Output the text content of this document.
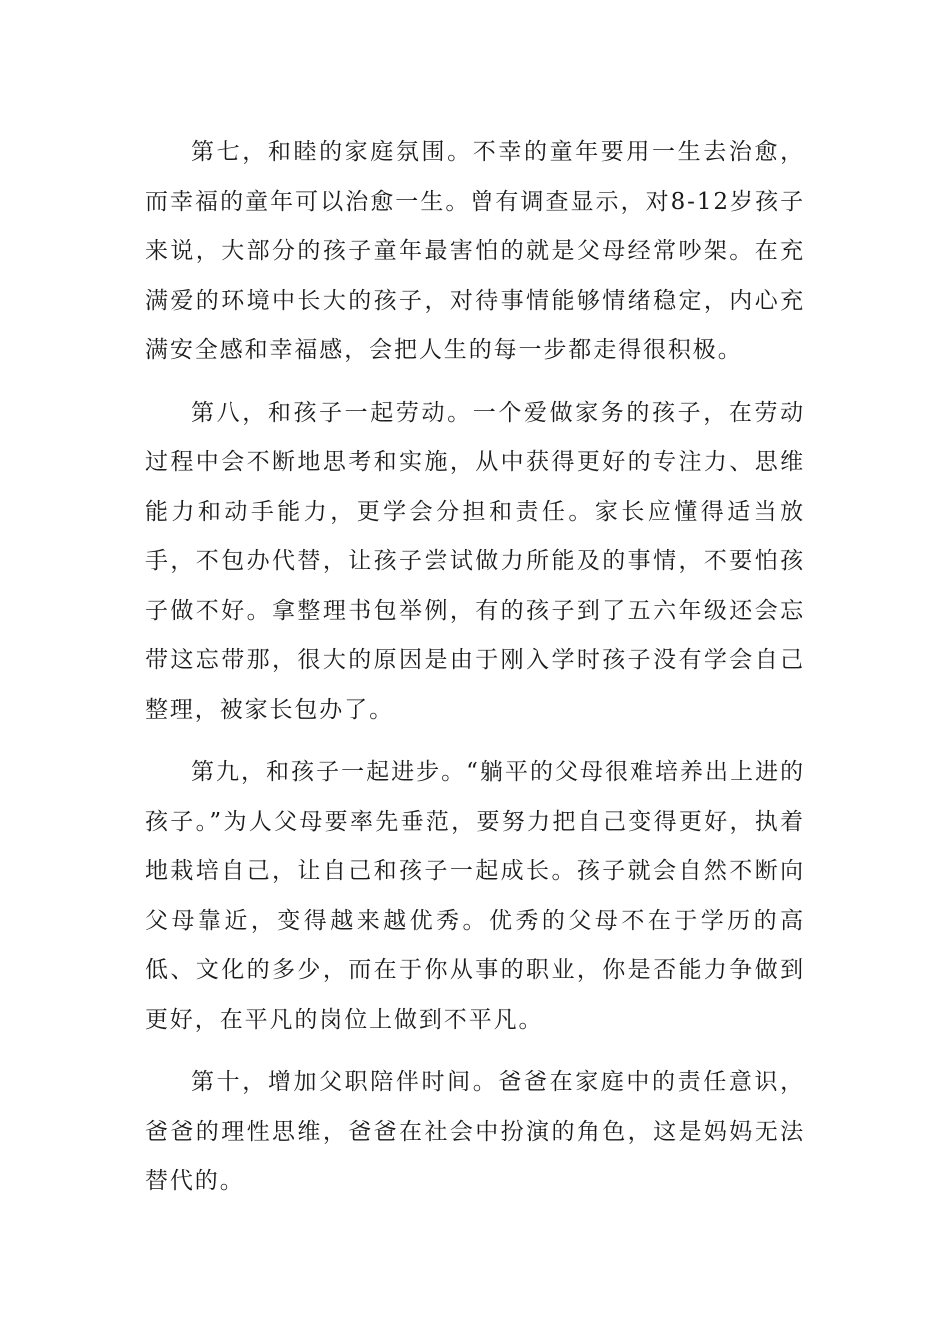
第七，和睦的家庭氛围。不幸的童年要用一生去治愈，而幸福的童年可以治愈一生。曾有调查显示，对8-12岁孩子来说，大部分的孩子童年最害怕的就是父母经常吵架。在充满爱的环境中长大的孩子，对待事情能够情绪稳定，内心充满安全感和幸福感，会把人生的每一步都走得很积极。

第八，和孩子一起劳动。一个爱做家务的孩子，在劳动过程中会不断地思考和实施，从中获得更好的专注力、思维能力和动手能力，更学会分担和责任。家长应懂得适当放手，不包办代替，让孩子尝试做力所能及的事情，不要怕孩子做不好。拿整理书包举例，有的孩子到了五六年级还会忘带这忘带那，很大的原因是由于刚入学时孩子没有学会自己整理，被家长包办了。

第九，和孩子一起进步。“躺平的父母很难培养出上进的孩子。”为人父母要率先垂范，要努力把自己变得更好，执着地栽培自己，让自己和孩子一起成长。孩子就会自然不断向父母靠近，变得越来越优秀。优秀的父母不在于学历的高低、文化的多少，而在于你从事的职业，你是否能力争做到更好，在平凡的岗位上做到不平凡。

第十，增加父职陪伴时间。爸爸在家庭中的责任意识，爸爸的理性思维，爸爸在社会中扮演的角色，这是妈妈无法替代的。
